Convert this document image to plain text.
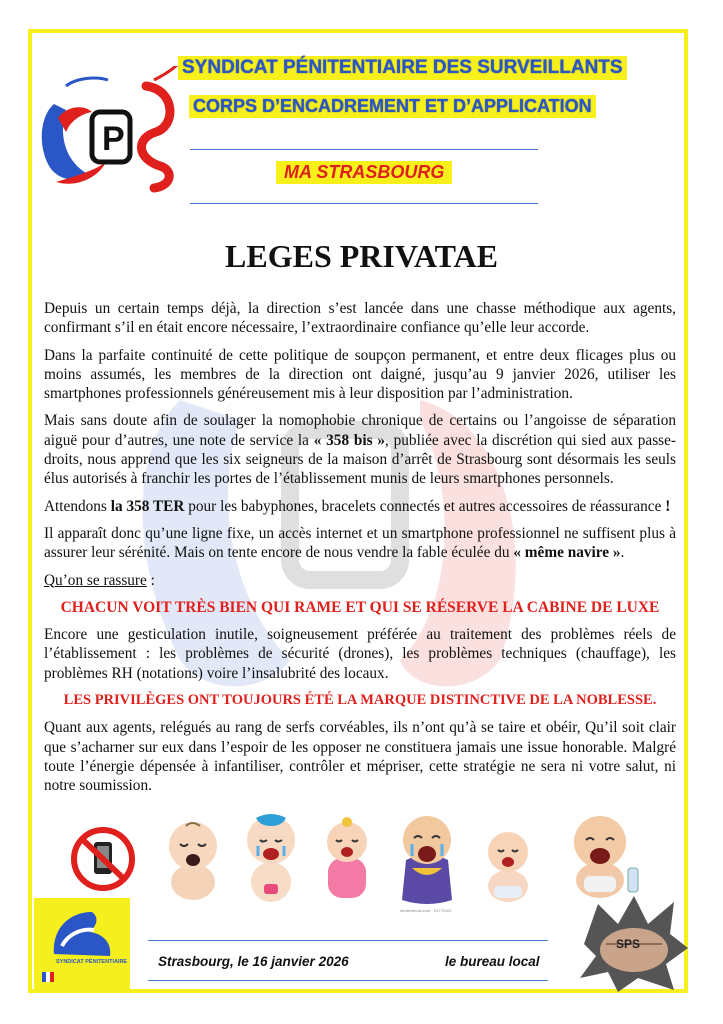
P
SYNDICAT PÉNITENTIAIRE DES SURVEILLANTS
CORPS D’ENCADREMENT ET D’APPLICATION
MA STRASBOURG
LEGES PRIVATAE

Depuis un certain temps déjà, la direction s’est lancée dans une chasse méthodique aux agents, confirmant s’il en était encore nécessaire, l’extraordinaire confiance qu’elle leur accorde.

Dans la parfaite continuité de cette politique de soupçon permanent, et entre deux flicages plus ou moins assumés, les membres de la direction ont daigné, jusqu’au 9 janvier 2026, utiliser les smartphones professionnels généreusement mis à leur disposition par l’administration.

Mais sans doute afin de soulager la nomophobie chronique de certains ou l’angoisse de séparation aiguë pour d’autres, une note de service la « 358 bis », publiée avec la discrétion qui sied aux passe-droits, nous apprend que les six seigneurs de la maison d’arrêt de Strasbourg sont désormais les seuls élus autorisés à franchir les portes de l’établissement munis de leurs smartphones personnels.

Attendons la 358 TER pour les babyphones, bracelets connectés et autres accessoires de réassurance !

Il apparaît donc qu’une ligne fixe, un accès internet et un smartphone professionnel ne suffisent plus à assurer leur sérénité. Mais on tente encore de nous vendre la fable éculée du « même navire ».

Qu’on se rassure :

CHACUN VOIT TRÈS BIEN QUI RAME ET QUI SE RÉSERVE LA CABINE DE LUXE

Encore une gesticulation inutile, soigneusement préférée au traitement des problèmes réels de l’établissement : les problèmes de sécurité (drones), les problèmes techniques (chauffage), les problèmes RH (notations) voire l’insalubrité des locaux.

LES PRIVILÈGES ONT TOUJOURS ÉTÉ LA MARQUE DISTINCTIVE DE LA NOBLESSE.

Quant aux agents, relégués au rang de serfs corvéables, ils n’ont qu’à se taire et obéir, Qu’il soit clair que s’acharner sur eux dans l’espoir de les opposer ne constituera jamais une issue honorable. Malgré toute l’énergie dépensée à infantiliser, contrôler et mépriser, cette stratégie ne sera ni votre salut, ni notre soumission.

shutterstock.com · 19772100
SYNDICAT PÉNITENTIAIRE Strasbourg, le 16 janvier 2026	le bureau local
SPS
